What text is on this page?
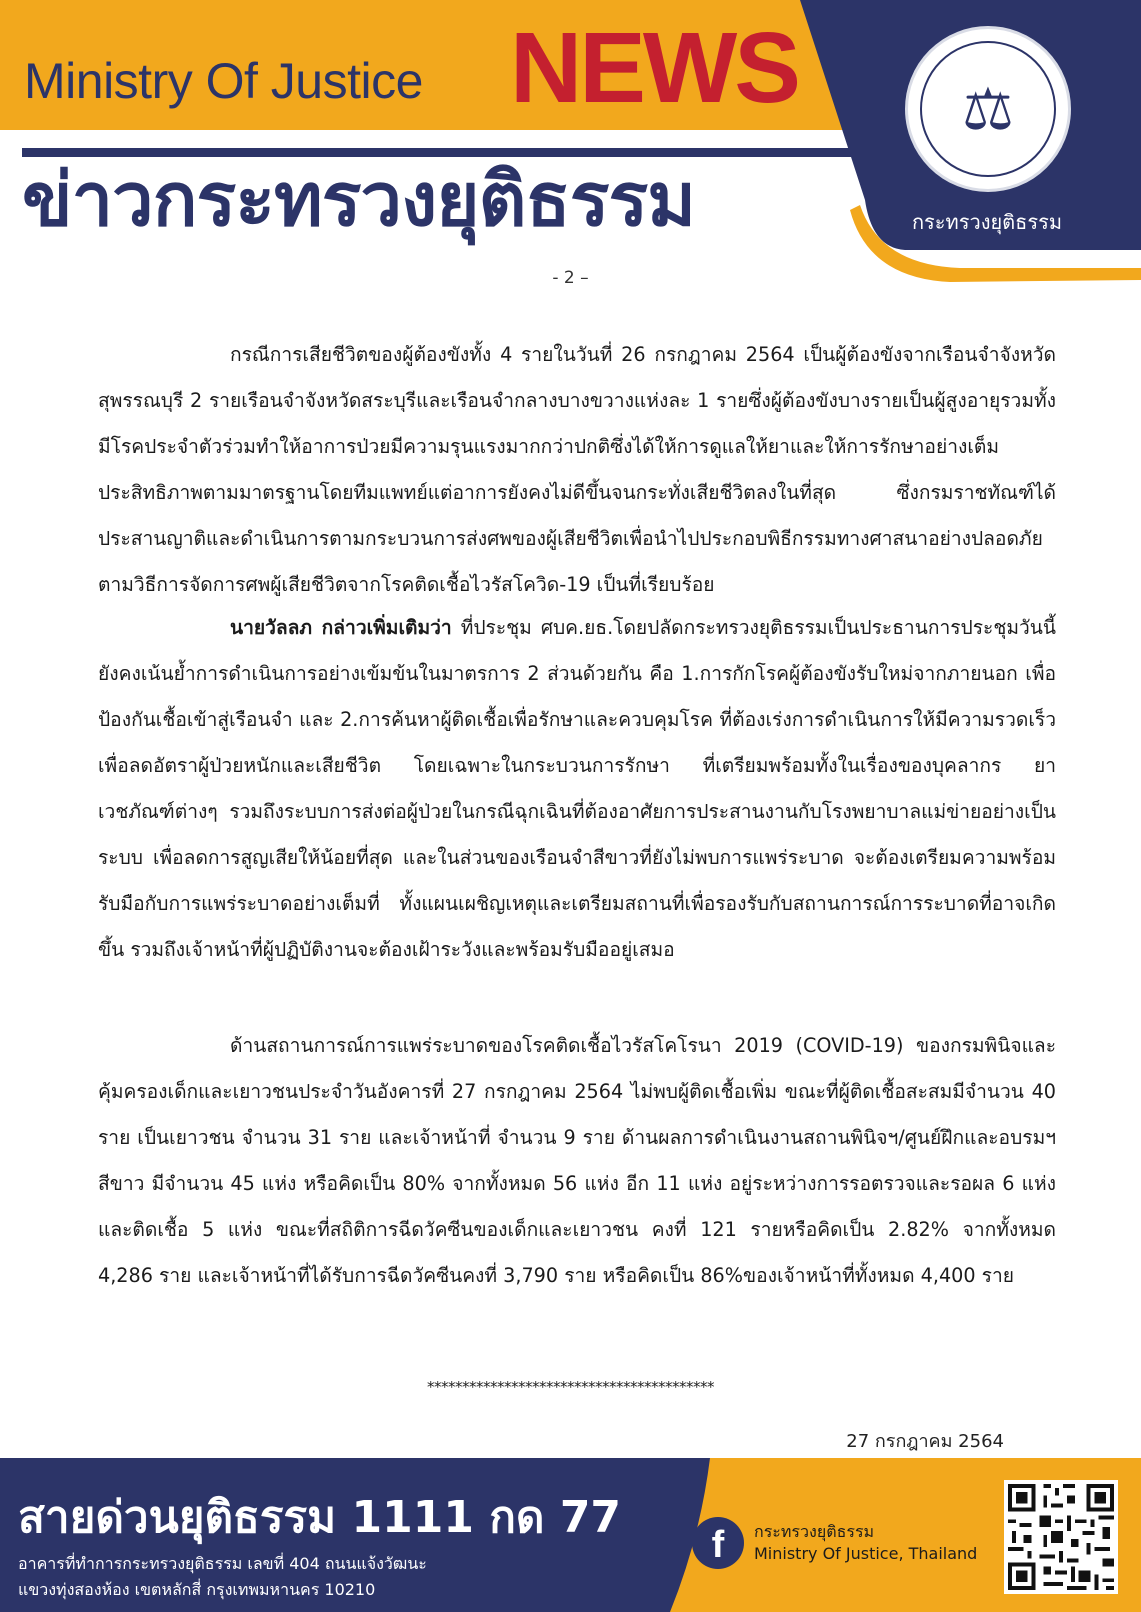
Ministry Of Justice NEWS
ข่าวกระทรวงยุติธรรม
⚖
กระทรวงยุติธรรม
- 2 –
กรณีการเสียชีวิตของผู้ต้องขังทั้ง 4 รายในวันที่ 26 กรกฎาคม 2564 เป็นผู้ต้องขังจากเรือนจำจังหวัดสุพรรณบุรี 2 รายเรือนจำจังหวัดสระบุรีและเรือนจำกลางบางขวางแห่งละ 1 รายซึ่งผู้ต้องขังบางรายเป็นผู้สูงอายุรวมทั้งมีโรคประจำตัวร่วมทำให้อาการป่วยมีความรุนแรงมากกว่าปกติซึ่งได้ให้การดูแลให้ยาและให้การรักษาอย่างเต็มประสิทธิภาพตามมาตรฐานโดยทีมแพทย์แต่อาการยังคงไม่ดีขึ้นจนกระทั่งเสียชีวิตลงในที่สุด ซึ่งกรมราชทัณฑ์ได้ประสานญาติและดำเนินการตามกระบวนการส่งศพของผู้เสียชีวิตเพื่อนำไปประกอบพิธีกรรมทางศาสนาอย่างปลอดภัยตามวิธีการจัดการศพผู้เสียชีวิตจากโรคติดเชื้อไวรัสโควิด-19 เป็นที่เรียบร้อย
นายวัลลภ กล่าวเพิ่มเติมว่า ที่ประชุม ศบค.ยธ.โดยปลัดกระทรวงยุติธรรมเป็นประธานการประชุมวันนี้ ยังคงเน้นย้ำการดำเนินการอย่างเข้มข้นในมาตรการ 2 ส่วนด้วยกัน คือ 1.การกักโรคผู้ต้องขังรับใหม่จากภายนอก เพื่อป้องกันเชื้อเข้าสู่เรือนจำ และ 2.การค้นหาผู้ติดเชื้อเพื่อรักษาและควบคุมโรค ที่ต้องเร่งการดำเนินการให้มีความรวดเร็ว เพื่อลดอัตราผู้ป่วยหนักและเสียชีวิต โดยเฉพาะในกระบวนการรักษา ที่เตรียมพร้อมทั้งในเรื่องของบุคลากร ยา เวชภัณฑ์ต่างๆ รวมถึงระบบการส่งต่อผู้ป่วยในกรณีฉุกเฉินที่ต้องอาศัยการประสานงานกับโรงพยาบาลแม่ข่ายอย่างเป็นระบบ เพื่อลดการสูญเสียให้น้อยที่สุด และในส่วนของเรือนจำสีขาวที่ยังไม่พบการแพร่ระบาด จะต้องเตรียมความพร้อมรับมือกับการแพร่ระบาดอย่างเต็มที่ ทั้งแผนเผชิญเหตุและเตรียมสถานที่เพื่อรองรับกับสถานการณ์การระบาดที่อาจเกิดขึ้น รวมถึงเจ้าหน้าที่ผู้ปฏิบัติงานจะต้องเฝ้าระวังและพร้อมรับมืออยู่เสมอ
ด้านสถานการณ์การแพร่ระบาดของโรคติดเชื้อไวรัสโคโรนา 2019 (COVID-19) ของกรมพินิจและคุ้มครองเด็กและเยาวชนประจำวันอังคารที่ 27 กรกฎาคม 2564 ไม่พบผู้ติดเชื้อเพิ่ม ขณะที่ผู้ติดเชื้อสะสมมีจำนวน 40 ราย เป็นเยาวชน จำนวน 31 ราย และเจ้าหน้าที่ จำนวน 9 ราย ด้านผลการดำเนินงานสถานพินิจฯ/ศูนย์ฝึกและอบรมฯ สีขาว มีจำนวน 45 แห่ง หรือคิดเป็น 80% จากทั้งหมด 56 แห่ง อีก 11 แห่ง อยู่ระหว่างการรอตรวจและรอผล 6 แห่ง และติดเชื้อ 5 แห่ง ขณะที่สถิติการฉีดวัคซีนของเด็กและเยาวชน คงที่ 121 รายหรือคิดเป็น 2.82% จากทั้งหมด 4,286 ราย และเจ้าหน้าที่ได้รับการฉีดวัคซีนคงที่ 3,790 ราย หรือคิดเป็น 86%ของเจ้าหน้าที่ทั้งหมด 4,400 ราย
*****************************************
27 กรกฎาคม 2564
สายด่วนยุติธรรม 1111 กด 77
อาคารที่ทำการกระทรวงยุติธรรม เลขที่ 404 ถนนแจ้งวัฒนะ
แขวงทุ่งสองห้อง เขตหลักสี่ กรุงเทพมหานคร 10210
f	กระทรวงยุติธรรม
Ministry Of Justice, Thailand
